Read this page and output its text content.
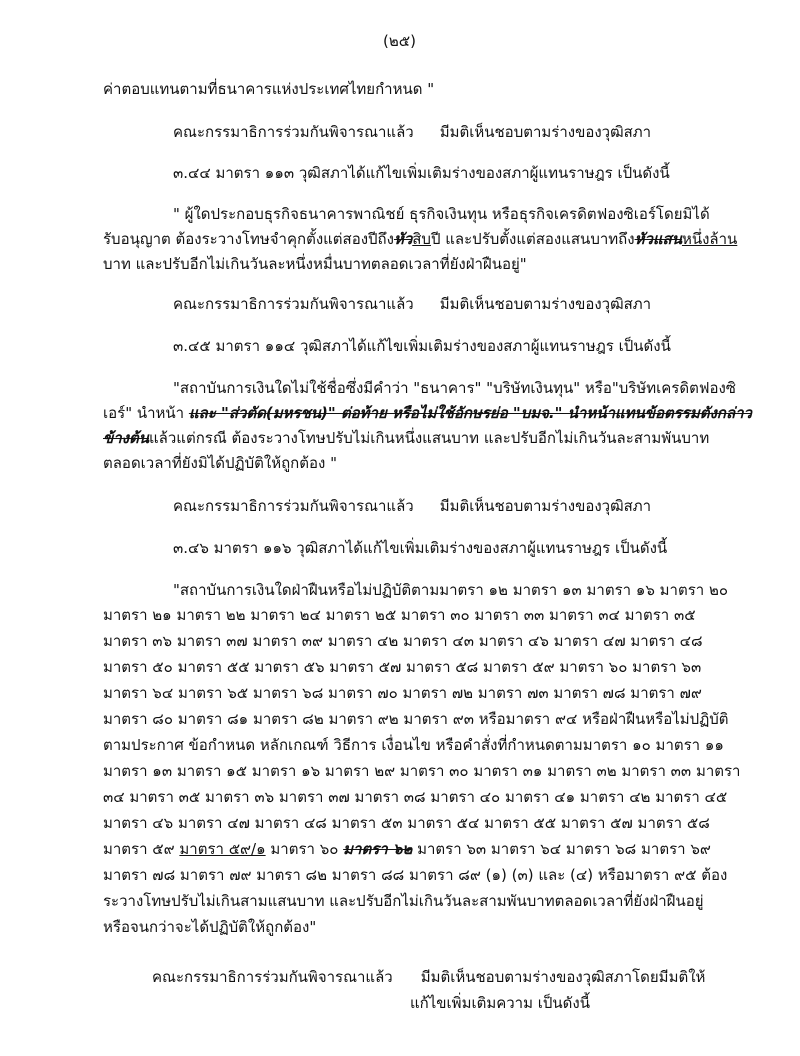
(๒๕)
ค่าตอบแทนตามที่ธนาคารแห่งประเทศไทยกำหนด "
คณะกรรมาธิการร่วมกันพิจารณาแล้ว มีมติเห็นชอบตามร่างของวุฒิสภา
๓.๔๔ มาตรา ๑๑๓ วุฒิสภาได้แก้ไขเพิ่มเติมร่างของสภาผู้แทนราษฎร เป็นดังนี้
" ผู้ใดประกอบธุรกิจธนาคารพาณิชย์ ธุรกิจเงินทุน หรือธุรกิจเครดิตฟองซิเอร์โดยมิได้
รับอนุญาต ต้องระวางโทษจำคุกตั้งแต่สองปีถึงหัวสิบปี และปรับตั้งแต่สองแสนบาทถึงหัวแสนหนึ่งล้าน
บาท และปรับอีกไม่เกินวันละหนึ่งหมื่นบาทตลอดเวลาที่ยังฝ่าฝืนอยู่"
คณะกรรมาธิการร่วมกันพิจารณาแล้ว มีมติเห็นชอบตามร่างของวุฒิสภา
๓.๔๕ มาตรา ๑๑๔ วุฒิสภาได้แก้ไขเพิ่มเติมร่างของสภาผู้แทนราษฎร เป็นดังนี้
"สถาบันการเงินใดไม่ใช้ชื่อซึ่งมีคำว่า "ธนาคาร" "บริษัทเงินทุน" หรือ"บริษัทเครดิตฟองซิ
เอร์" นำหน้า และ "ส่วตัด(มหรชน)" ต่อท้าย หรือไม่ใช้อักษรย่อ "บมจ." นำหน้าแทนข้อตรรมตังกล่าว
ข้างต้นแล้วแต่กรณี ต้องระวางโทษปรับไม่เกินหนึ่งแสนบาท และปรับอีกไม่เกินวันละสามพันบาท
ตลอดเวลาที่ยังมิได้ปฏิบัติให้ถูกต้อง "
คณะกรรมาธิการร่วมกันพิจารณาแล้ว มีมติเห็นชอบตามร่างของวุฒิสภา
๓.๔๖ มาตรา ๑๑๖ วุฒิสภาได้แก้ไขเพิ่มเติมร่างของสภาผู้แทนราษฎร เป็นดังนี้
"สถาบันการเงินใดฝ่าฝืนหรือไม่ปฏิบัติตามมาตรา ๑๒ มาตรา ๑๓ มาตรา ๑๖ มาตรา ๒๐
มาตรา ๒๑ มาตรา ๒๒ มาตรา ๒๔ มาตรา ๒๕ มาตรา ๓๐ มาตรา ๓๓ มาตรา ๓๔ มาตรา ๓๕
มาตรา ๓๖ มาตรา ๓๗ มาตรา ๓๙ มาตรา ๔๒ มาตรา ๔๓ มาตรา ๔๖ มาตรา ๔๗ มาตรา ๔๘
มาตรา ๕๐ มาตรา ๕๕ มาตรา ๕๖ มาตรา ๕๗ มาตรา ๕๘ มาตรา ๕๙ มาตรา ๖๐ มาตรา ๖๓
มาตรา ๖๔ มาตรา ๖๕ มาตรา ๖๘ มาตรา ๗๐ มาตรา ๗๒ มาตรา ๗๓ มาตรา ๗๘ มาตรา ๗๙
มาตรา ๘๐ มาตรา ๘๑ มาตรา ๘๒ มาตรา ๙๒ มาตรา ๙๓ หรือมาตรา ๙๔ หรือฝ่าฝืนหรือไม่ปฏิบัติ
ตามประกาศ ข้อกำหนด หลักเกณฑ์ วิธีการ เงื่อนไข หรือคำสั่งที่กำหนดตามมาตรา ๑๐ มาตรา ๑๑
มาตรา ๑๓ มาตรา ๑๕ มาตรา ๑๖ มาตรา ๒๙ มาตรา ๓๐ มาตรา ๓๑ มาตรา ๓๒ มาตรา ๓๓ มาตรา
๓๔ มาตรา ๓๕ มาตรา ๓๖ มาตรา ๓๗ มาตรา ๓๘ มาตรา ๔๐ มาตรา ๔๑ มาตรา ๔๒ มาตรา ๔๕
มาตรา ๔๖ มาตรา ๔๗ มาตรา ๔๘ มาตรา ๕๓ มาตรา ๕๔ มาตรา ๕๕ มาตรา ๕๗ มาตรา ๕๘
มาตรา ๕๙ มาตรา ๕๙/๑ มาตรา ๖๐ มาตรา ๖๒ มาตรา ๖๓ มาตรา ๖๔ มาตรา ๖๘ มาตรา ๖๙
มาตรา ๗๘ มาตรา ๗๙ มาตรา ๘๒ มาตรา ๘๘ มาตรา ๘๙ (๑) (๓) และ (๔) หรือมาตรา ๙๕ ต้อง
ระวางโทษปรับไม่เกินสามแสนบาท และปรับอีกไม่เกินวันละสามพันบาทตลอดเวลาที่ยังฝ่าฝืนอยู่
หรือจนกว่าจะได้ปฏิบัติให้ถูกต้อง"
คณะกรรมาธิการร่วมกันพิจารณาแล้ว มีมติเห็นชอบตามร่างของวุฒิสภาโดยมีมติให้
แก้ไขเพิ่มเติมความ เป็นดังนี้
